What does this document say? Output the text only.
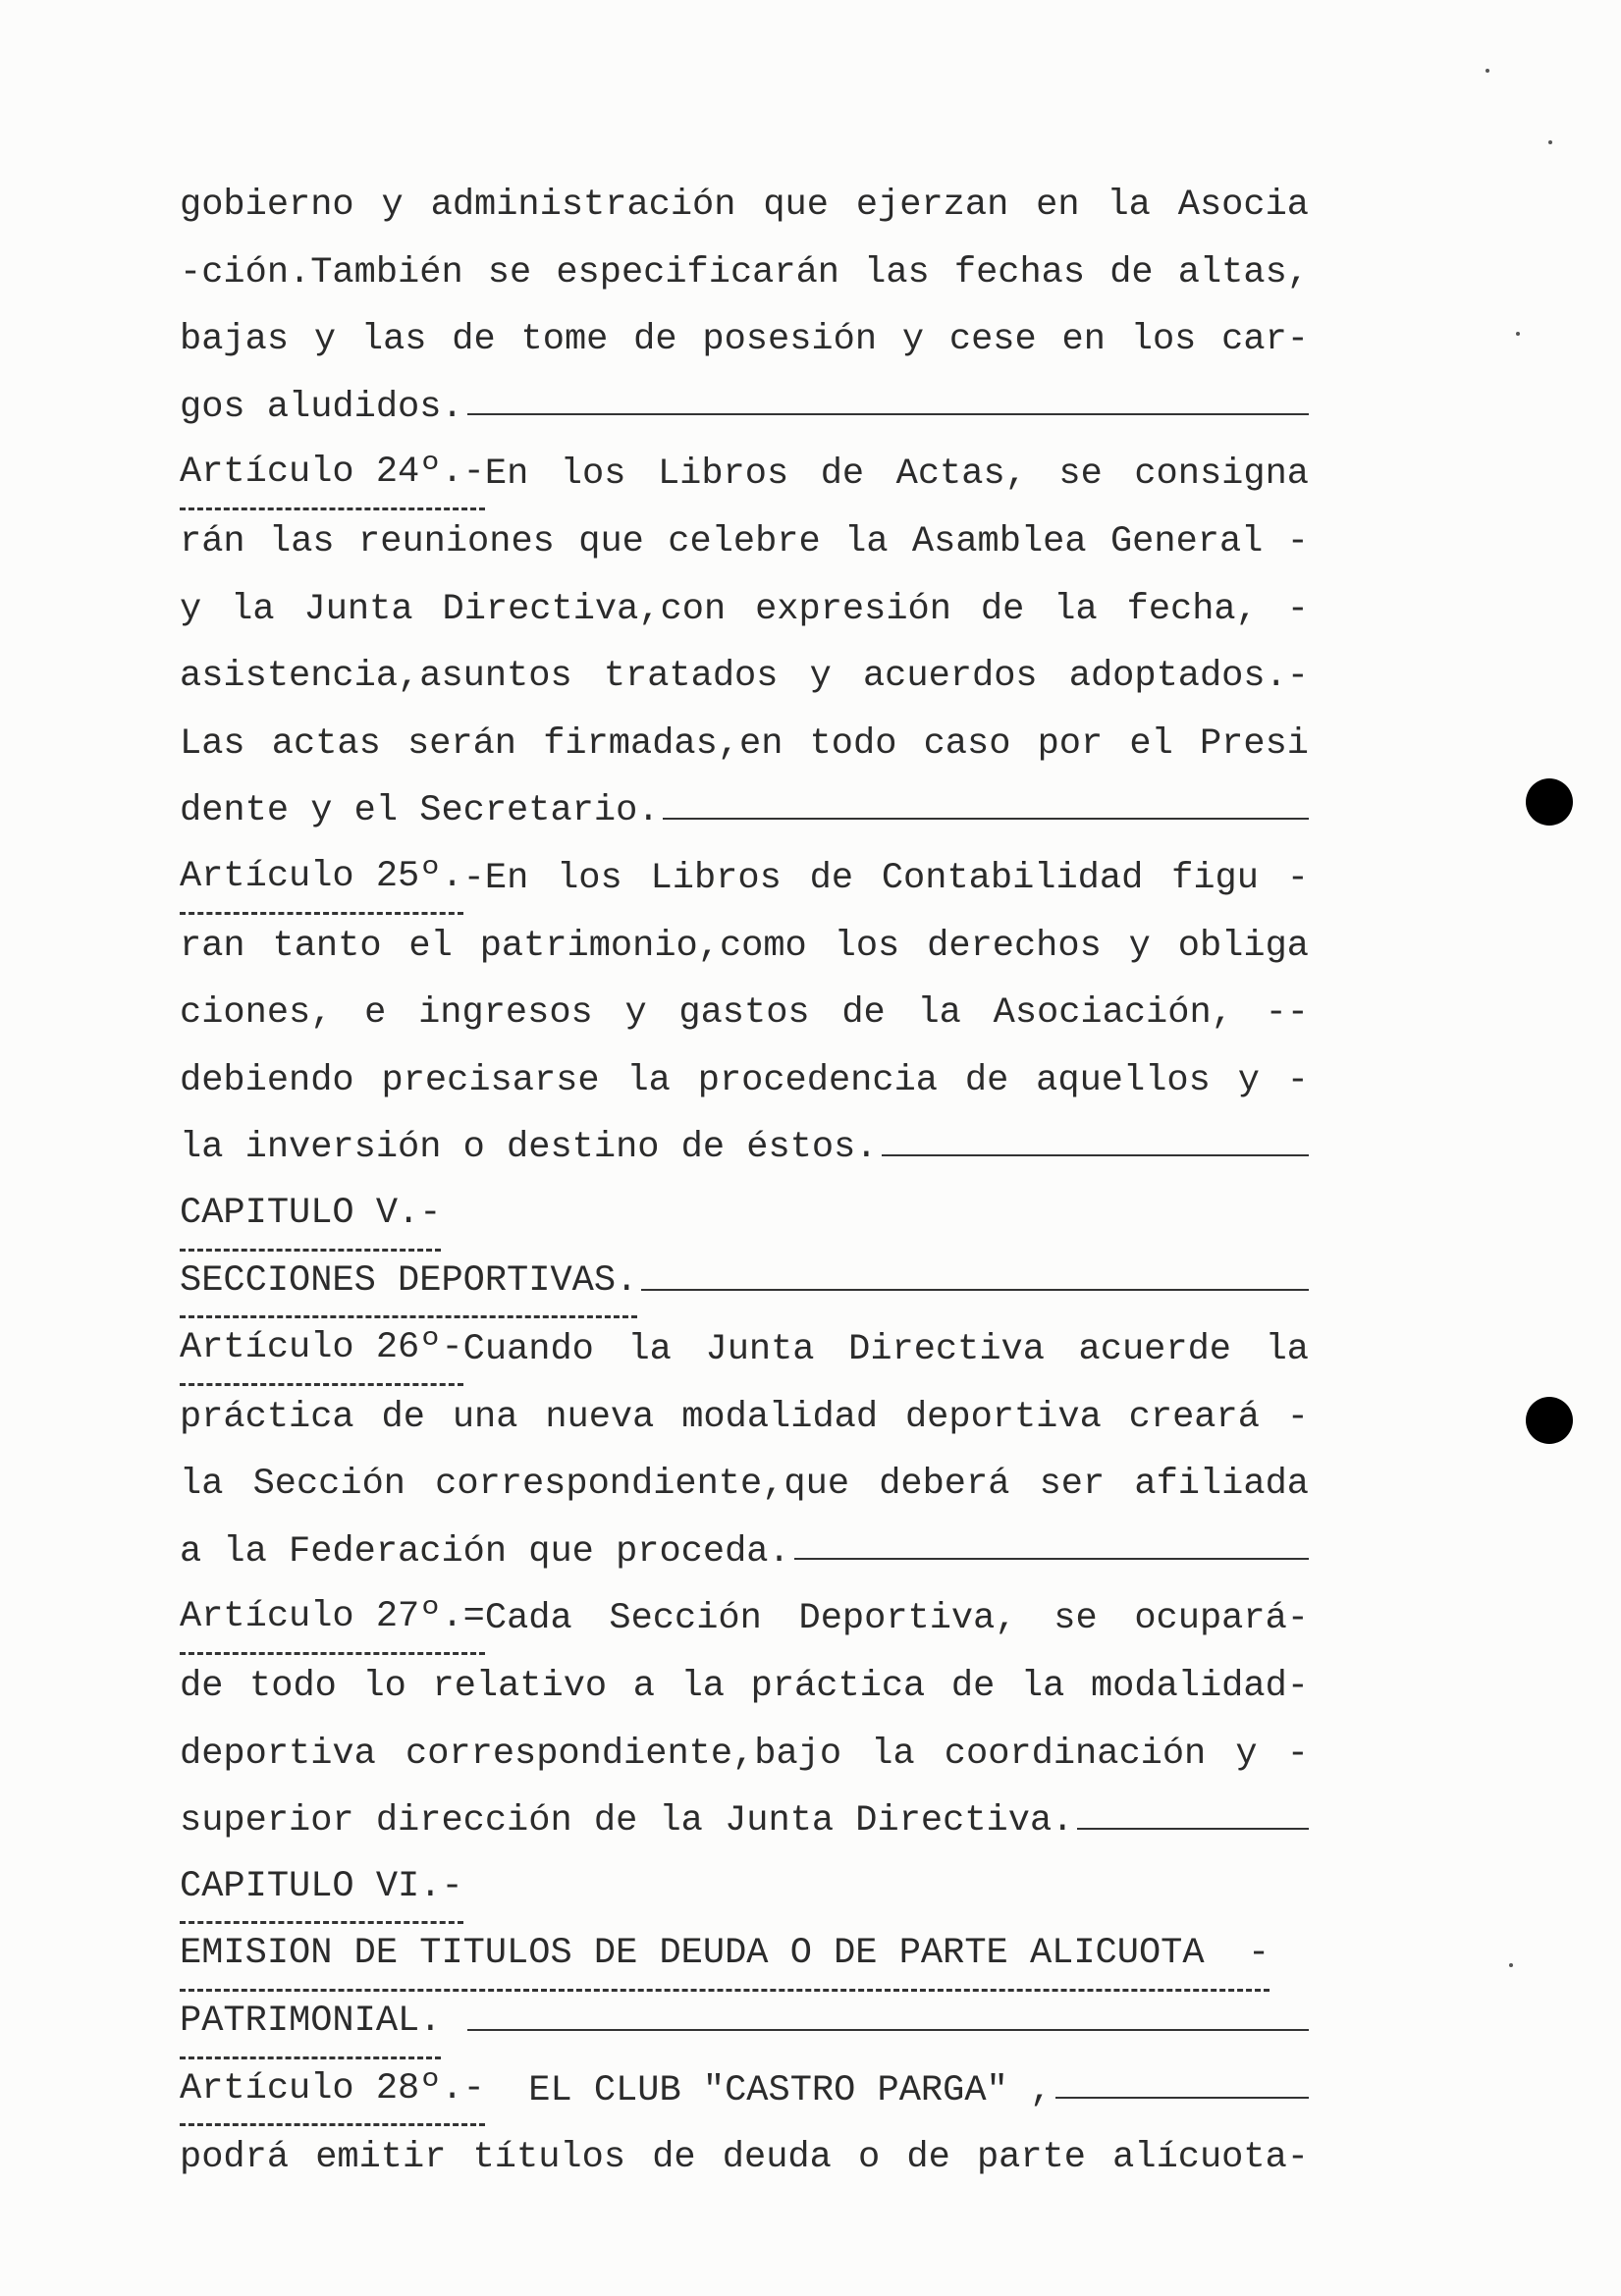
gobierno y administración que ejerzan en la Asocia
-ción.También se especificarán las fechas de altas,
bajas y las de tome de posesión y cese en los car-
gos aludidos.
Artículo 24º.- En los Libros de Actas, se consigna
rán las reuniones que celebre la Asamblea General -
y la Junta Directiva,con expresión de la fecha, -
asistencia,asuntos tratados y acuerdos adoptados.-
Las actas serán firmadas,en todo caso por el Presi
dente y el Secretario.
Artículo 25º. -En los Libros de Contabilidad figu -
ran tanto el patrimonio,como los derechos y obliga
ciones, e ingresos y gastos de la Asociación, --
debiendo precisarse la procedencia de aquellos y -
la inversión o destino de éstos.
CAPITULO V.-
SECCIONES DEPORTIVAS.
Artículo 26º- Cuando la Junta Directiva acuerde la
práctica de una nueva modalidad deportiva creará -
la Sección correspondiente,que deberá ser afiliada
a la Federación que proceda.
Artículo 27º.= Cada Sección Deportiva, se ocupará-
de todo lo relativo a la práctica de la modalidad-
deportiva correspondiente,bajo la coordinación y -
superior dirección de la Junta Directiva.
CAPITULO VI.-
EMISION DE TITULOS DE DEUDA O DE PARTE ALICUOTA  -
PATRIMONIAL.

Artículo 28º.- EL CLUB "CASTRO PARGA" ,
podrá emitir títulos de deuda o de parte alícuota-
